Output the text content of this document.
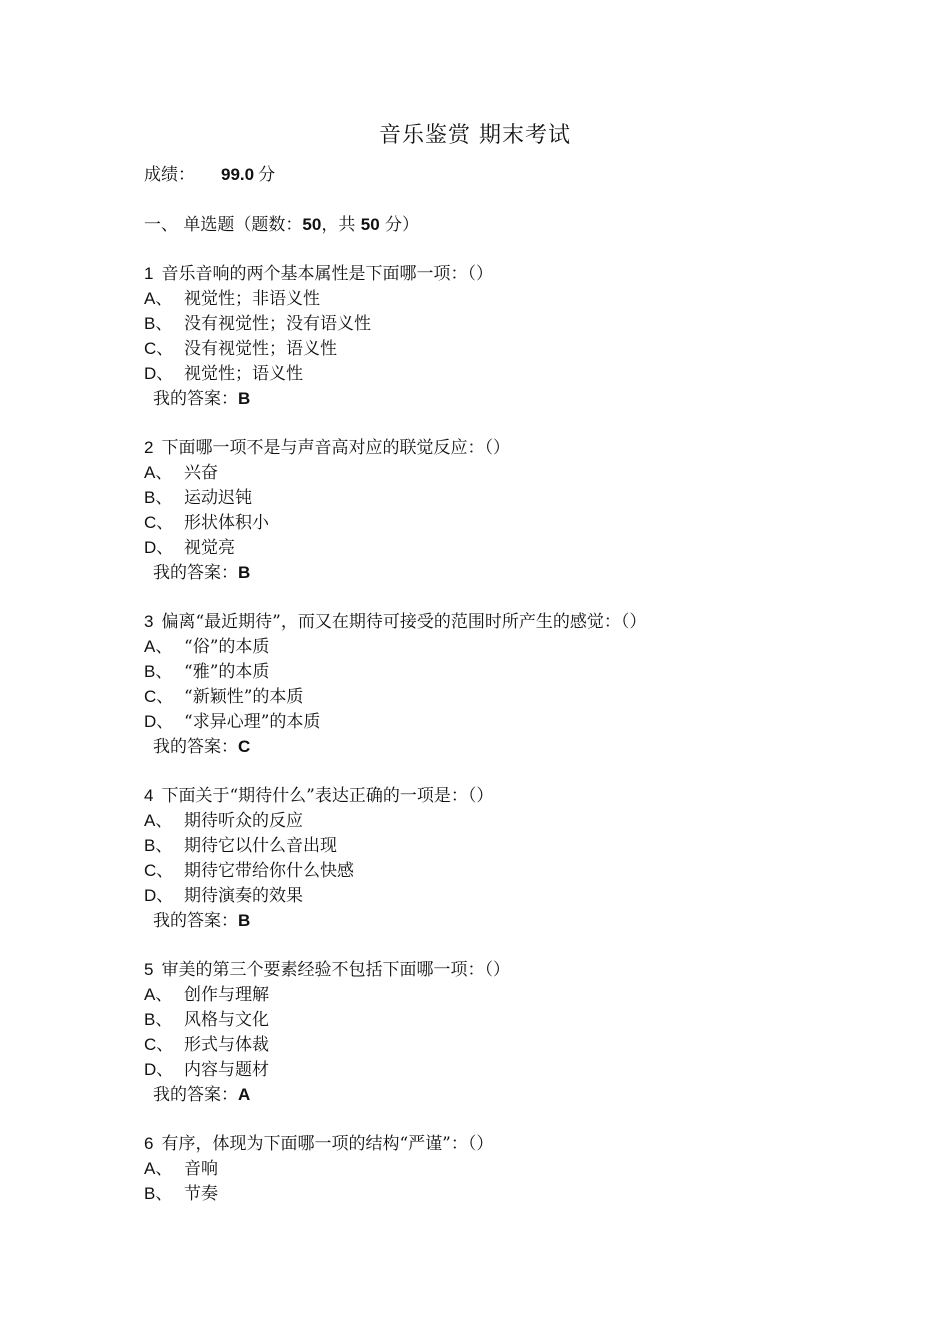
音乐鉴赏 期末考试
成绩： 99.0 分
一、 单选题（题数：50，共 50 分）
1 音乐音响的两个基本属性是下面哪一项：（）
A、 视觉性；非语义性
B、 没有视觉性；没有语义性
C、 没有视觉性；语义性
D、 视觉性；语义性
我的答案：B
2 下面哪一项不是与声音高对应的联觉反应：（）
A、 兴奋
B、 运动迟钝
C、 形状体积小
D、 视觉亮
我的答案：B
3 偏离“最近期待”，而又在期待可接受的范围时所产生的感觉：（）
A、 “俗”的本质
B、 “雅”的本质
C、 “新颖性”的本质
D、 “求异心理”的本质
我的答案：C
4 下面关于“期待什么”表达正确的一项是：（）
A、 期待听众的反应
B、 期待它以什么音出现
C、 期待它带给你什么快感
D、 期待演奏的效果
我的答案：B
5 审美的第三个要素经验不包括下面哪一项：（）
A、 创作与理解
B、 风格与文化
C、 形式与体裁
D、 内容与题材
我的答案：A
6 有序，体现为下面哪一项的结构“严谨”：（）
A、 音响
B、 节奏
